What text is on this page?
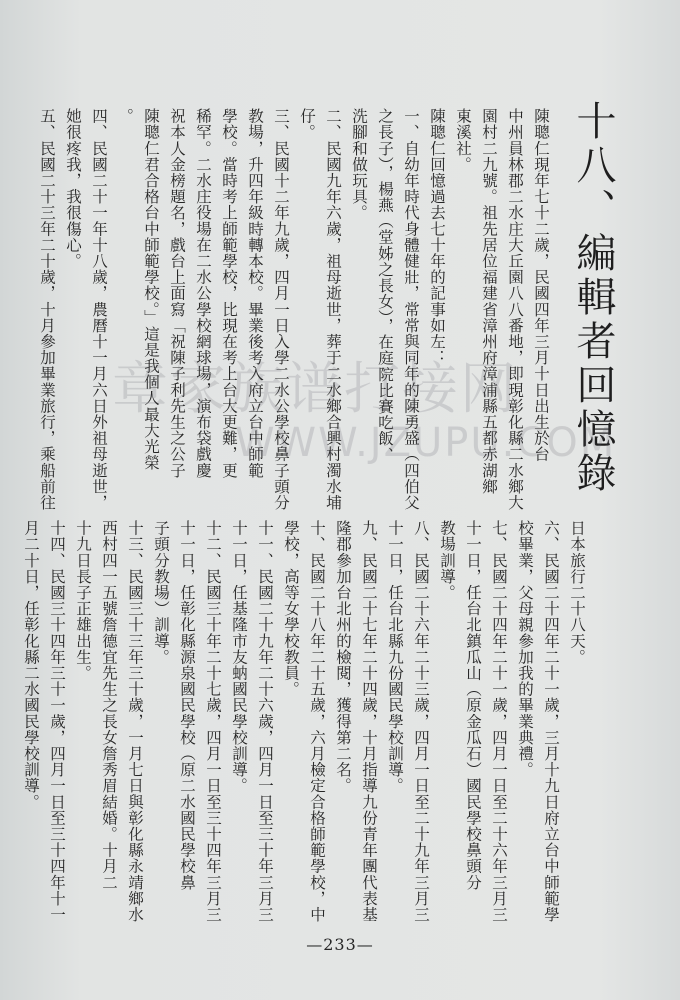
十八、編輯者回憶錄

陳聰仁現年七十二歲，民國四年三月十日出生於台

中州員林郡二水庄大丘園八八番地，即現彰化縣二水鄉大

園村二九號。祖先居位福建省漳州府漳浦縣五都赤湖鄉

東溪社。

陳聰仁回憶過去七十年的記事如左：

一、自幼年時代身體健壯，常常與同年的陳勇盛（四伯父

之長子），楊燕（堂姊之長女），在庭院比賽吃飯、

洗腳和做玩具。

二、民國九年六歲，祖母逝世，葬于二水鄉合興村濁水埔

仔。

三、民國十二年九歲，四月一日入學二水公學校鼻子頭分

教場，升四年級時轉本校。畢業後考入府立台中師範

學校。當時考上師範學校，比現在考上台大更難，更

稀罕。二水庄役場在二水公學校網球場，演布袋戲慶

祝本人金榜題名，戲台上面寫「祝陳子利先生之公子

陳聰仁君合格台中師範學校。」這是我個人最大光榮

。

四、民國二十一年十八歲，農曆十一月六日外祖母逝世，

她很疼我，我很傷心。

五、民國二十三年二十歲，十月參加畢業旅行，乘船前往

日本旅行二十八天。

六、民國二十四年二十一歲，三月十九日府立台中師範學

校畢業，父母親參加我的畢業典禮。

七、民國二十四年二十一歲，四月一日至二十六年三月三

十一日，任台北鎮瓜山（原金瓜石）國民學校鼻頭分

教場訓導。

八、民國二十六年二十三歲，四月一日至二十九年三月三

十一日，任台北縣九份國民學校訓導。

九、民國二十七年二十四歲，十月指導九份青年團代表基

隆郡參加台北州的檢閱，獲得第二名。

十、民國二十八年二十五歲，六月檢定合格師範學校，中

學校，高等女學校教員。

十一、民國二十九年二十六歲，四月一日至三十年三月三

十一日，任基隆市友蚋國民學校訓導。

十二、民國三十年二十七歲，四月一日至三十四年三月三

十一日，任彰化縣源泉國民學校（原二水國民學校鼻

子頭分教場）訓導。

十三、民國三十三年三十歲，一月七日與彰化縣永靖鄉水

西村四一五號詹德宜先生之長女詹秀眉結婚。十月二

十九日長子正雄出生。

十四、民國三十四年三十一歲，四月一日至三十四年十一

月二十日，任彰化縣二水國民學校訓導。

章家族谱打接网
WWW.JZUPU.COM
—233—
